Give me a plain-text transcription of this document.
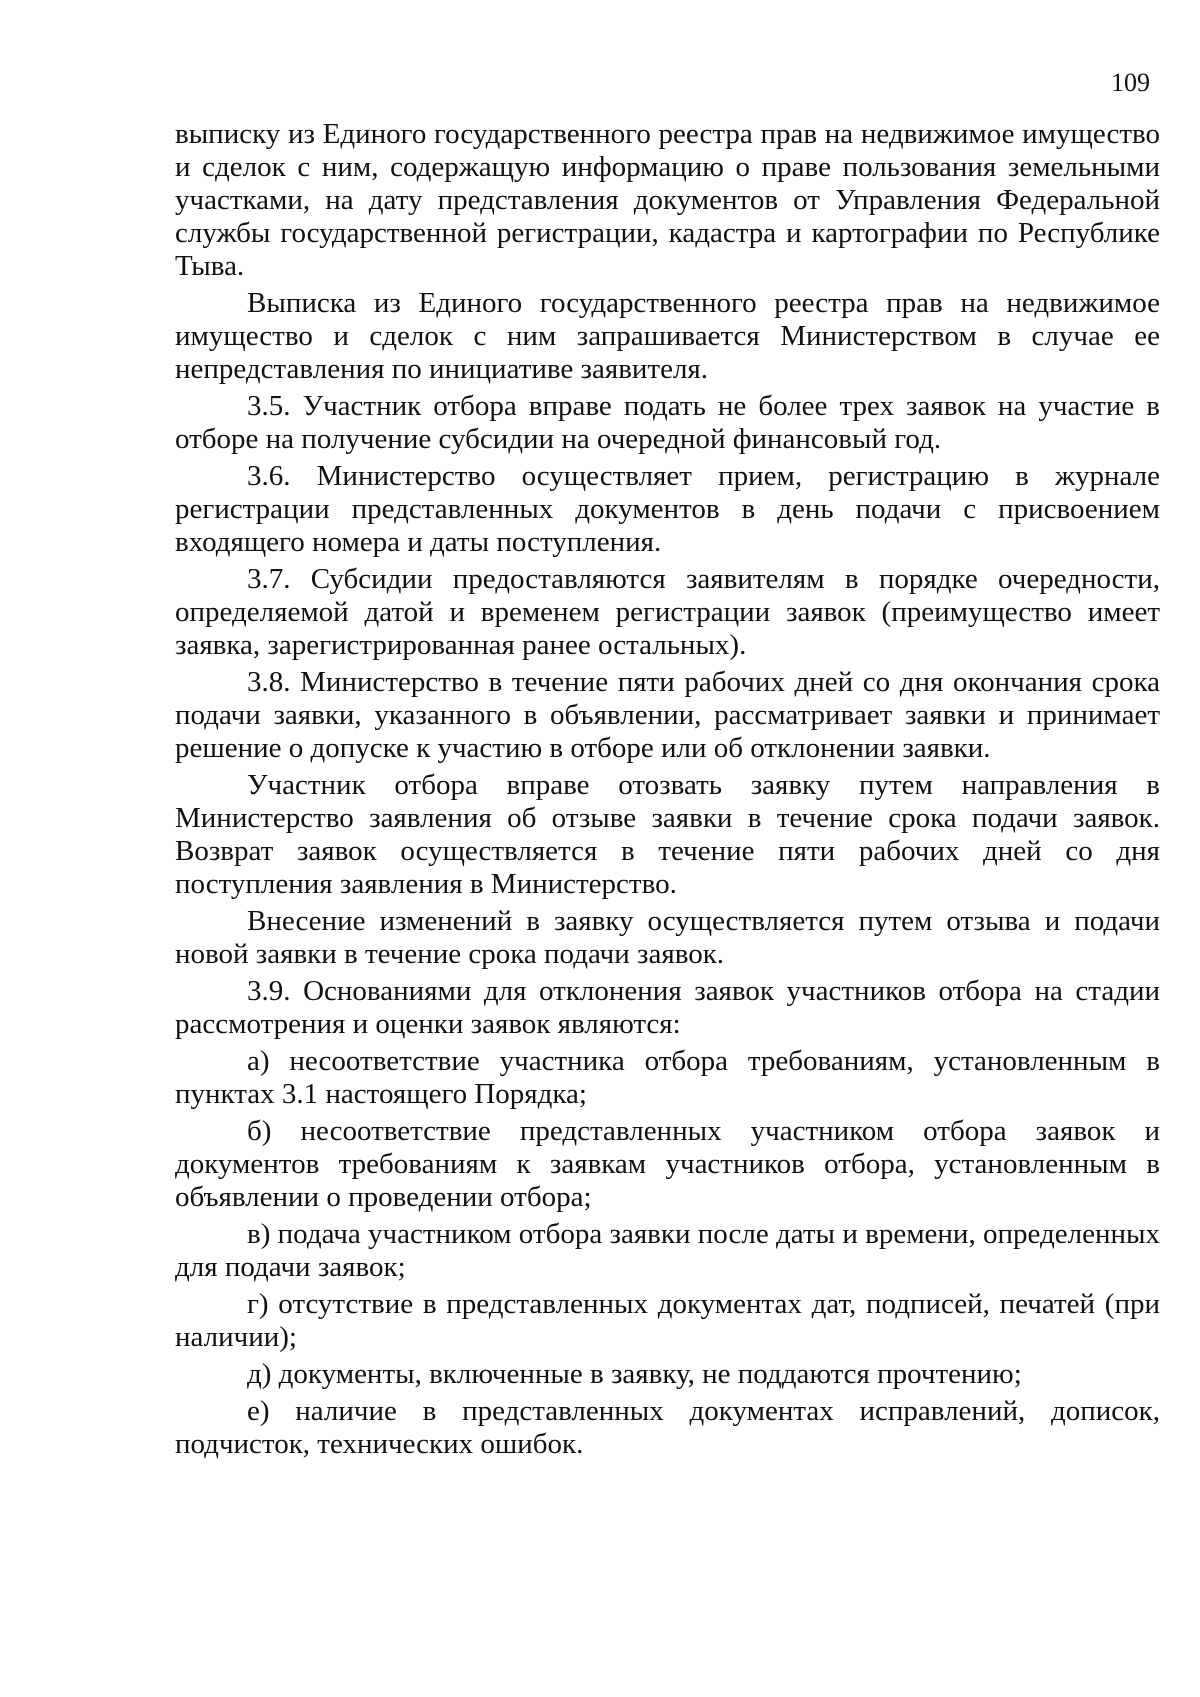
109

выписку из Единого государственного реестра прав на недвижимое имущество и сделок с ним, содержащую информацию о праве пользования земельными участками, на дату представления документов от Управления Федеральной службы государственной регистрации, кадастра и картографии по Республике Тыва.

Выписка из Единого государственного реестра прав на недвижимое имущество и сделок с ним запрашивается Министерством в случае ее непредставления по инициативе заявителя.

3.5. Участник отбора вправе подать не более трех заявок на участие в отборе на получение субсидии на очередной финансовый год.

3.6. Министерство осуществляет прием, регистрацию в журнале регистрации представленных документов в день подачи с присвоением входящего номера и даты поступления.

3.7. Субсидии предоставляются заявителям в порядке очередности, определяемой датой и временем регистрации заявок (преимущество имеет заявка, зарегистрированная ранее остальных).

3.8. Министерство в течение пяти рабочих дней со дня окончания срока подачи заявки, указанного в объявлении, рассматривает заявки и принимает решение о допуске к участию в отборе или об отклонении заявки.

Участник отбора вправе отозвать заявку путем направления в Министерство заявления об отзыве заявки в течение срока подачи заявок. Возврат заявок осуществляется в течение пяти рабочих дней со дня поступления заявления в Министерство.

Внесение изменений в заявку осуществляется путем отзыва и подачи новой заявки в течение срока подачи заявок.

3.9. Основаниями для отклонения заявок участников отбора на стадии рассмотрения и оценки заявок являются:

а) несоответствие участника отбора требованиям, установленным в пунктах 3.1 настоящего Порядка;

б) несоответствие представленных участником отбора заявок и документов требованиям к заявкам участников отбора, установленным в объявлении о проведении отбора;

в) подача участником отбора заявки после даты и времени, определенных для подачи заявок;

г) отсутствие в представленных документах дат, подписей, печатей (при наличии);

д) документы, включенные в заявку, не поддаются прочтению;

е) наличие в представленных документах исправлений, дописок, подчисток, технических ошибок.
